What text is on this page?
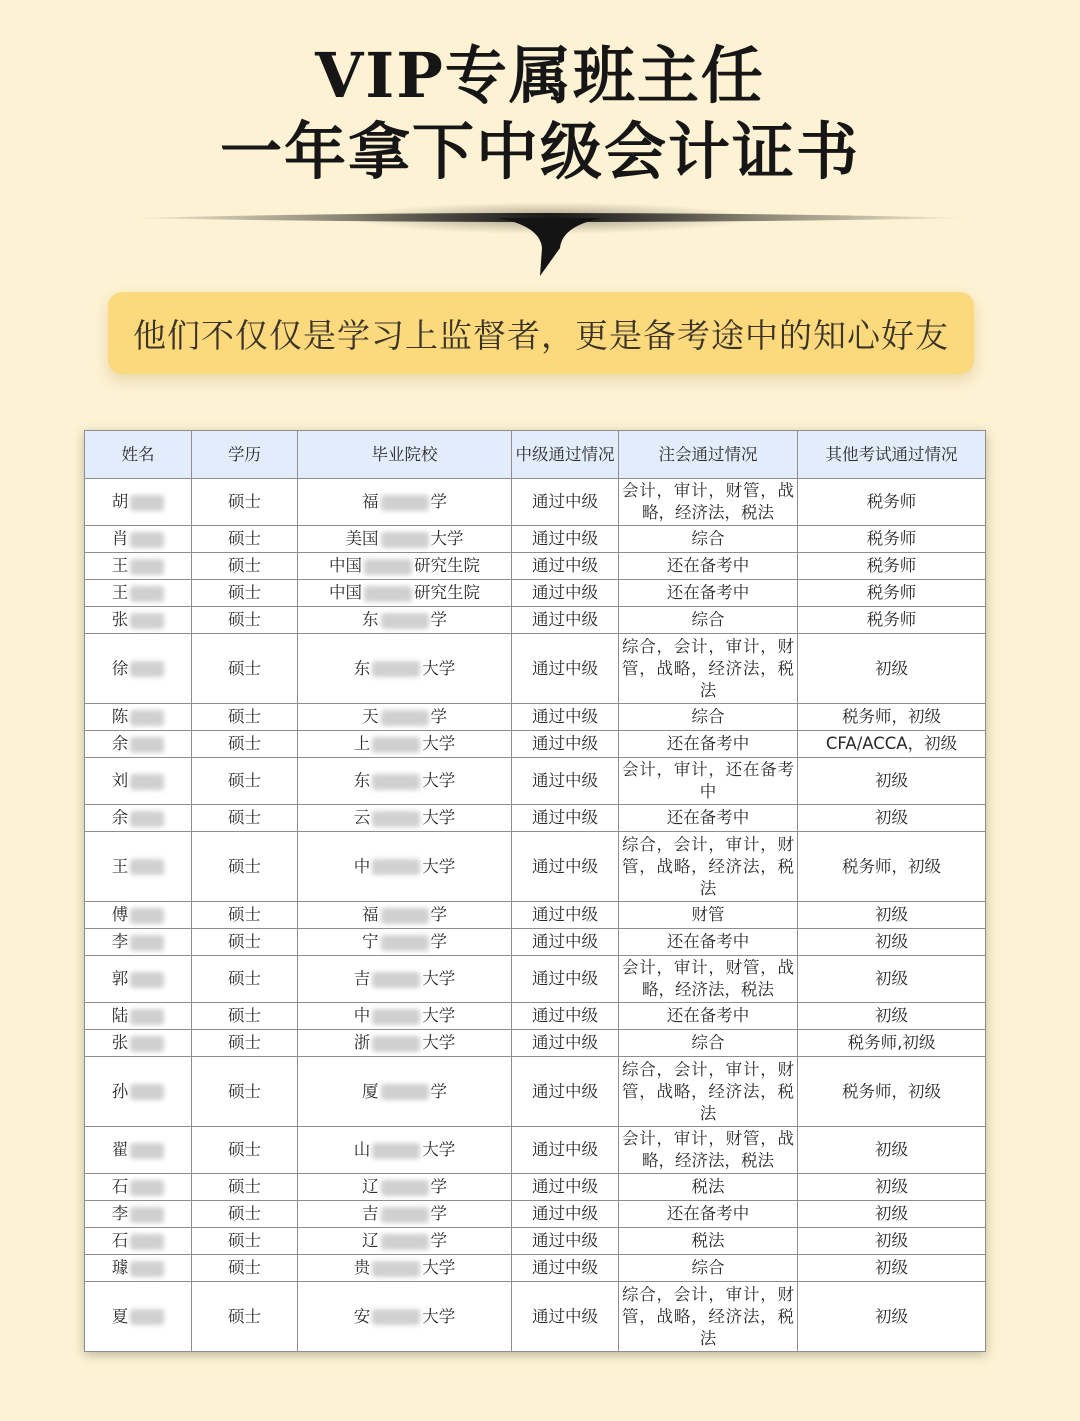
VIP专属班主任
一年拿下中级会计证书
他们不仅仅是学习上监督者，更是备考途中的知心好友
姓名	学历	毕业院校	中级通过情况	注会通过情况	其他考试通过情况
胡	硕士	福 学	通过中级	会计，审计，财管，战略，经济法，税法	税务师
肖	硕士	美国 大学	通过中级	综合	税务师
王	硕士	中国 研究生院	通过中级	还在备考中	税务师
王	硕士	中国 研究生院	通过中级	还在备考中	税务师
张	硕士	东 学	通过中级	综合	税务师
徐	硕士	东 大学	通过中级	综合，会计，审计，财管，战略，经济法，税法	初级
陈	硕士	天 学	通过中级	综合	税务师，初级
余	硕士	上 大学	通过中级	还在备考中	CFA/ACCA，初级
刘	硕士	东 大学	通过中级	会计，审计，还在备考中	初级
余	硕士	云 大学	通过中级	还在备考中	初级
王	硕士	中 大学	通过中级	综合，会计，审计，财管，战略，经济法，税法	税务师，初级
傅	硕士	福 学	通过中级	财管	初级
李	硕士	宁 学	通过中级	还在备考中	初级
郭	硕士	吉 大学	通过中级	会计，审计，财管，战略，经济法，税法	初级
陆	硕士	中 大学	通过中级	还在备考中	初级
张	硕士	浙 大学	通过中级	综合	税务师,初级
孙	硕士	厦 学	通过中级	综合，会计，审计，财管，战略，经济法，税法	税务师，初级
翟	硕士	山 大学	通过中级	会计，审计，财管，战略，经济法，税法	初级
石	硕士	辽 学	通过中级	税法	初级
李	硕士	吉 学	通过中级	还在备考中	初级
石	硕士	辽 学	通过中级	税法	初级
璩	硕士	贵 大学	通过中级	综合	初级
夏	硕士	安 大学	通过中级	综合，会计，审计，财管，战略，经济法，税法	初级
